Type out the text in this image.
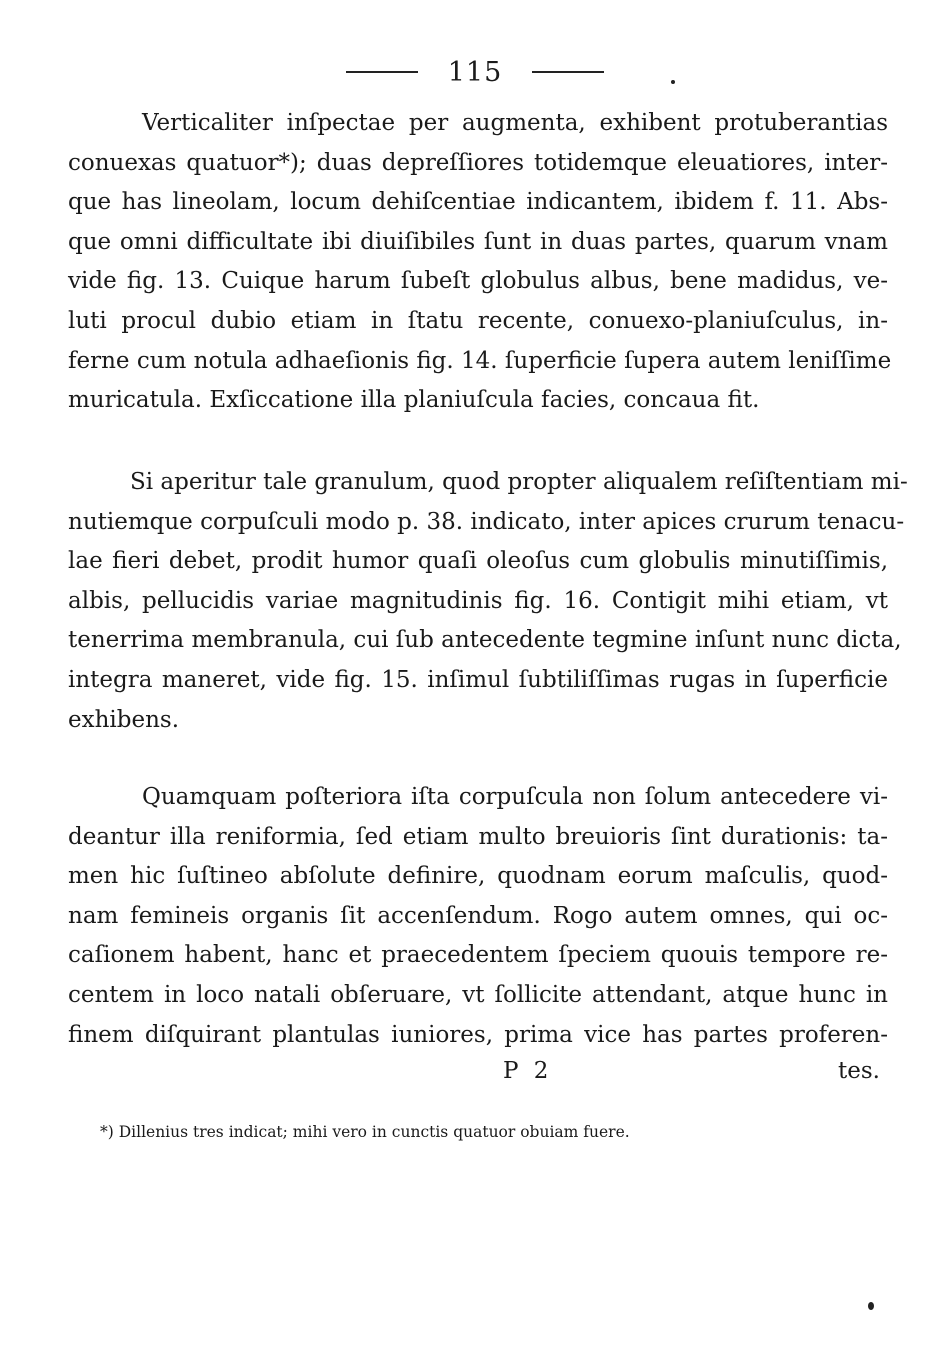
115
Verticaliter inſpectae per augmenta, exhibent protuberantias
conuexas quatuor*); duas depreſſiores totidemque eleuatiores, inter-
que has lineolam, locum dehiſcentiae indicantem, ibidem f. 11. Abs-
que omni difficultate ibi diuiſibiles ſunt in duas partes, quarum vnam
vide fig. 13. Cuique harum ſubeſt globulus albus, bene madidus, ve-
luti procul dubio etiam in ſtatu recente, conuexo-planiuſculus, in-
ferne cum notula adhaeſionis fig. 14. ſuperficie ſupera autem leniſſime
muricatula. Exſiccatione illa planiuſcula facies, concaua fit.
Si aperitur tale granulum, quod propter aliqualem reſiſtentiam mi-
nutiemque corpuſculi modo p. 38. indicato, inter apices crurum tenacu-
lae fieri debet, prodit humor quaſi oleoſus cum globulis minutiſſimis,
albis, pellucidis variae magnitudinis fig. 16. Contigit mihi etiam, vt
tenerrima membranula, cui ſub antecedente tegmine inſunt nunc dicta,
integra maneret, vide fig. 15. inſimul ſubtiliſſimas rugas in ſuperficie
exhibens.
Quamquam poſteriora iſta corpuſcula non ſolum antecedere vi-
deantur illa reniformia, ſed etiam multo breuioris ſint durationis: ta-
men hic ſuſtineo abſolute definire, quodnam eorum maſculis, quod-
nam femineis organis ſit accenſendum. Rogo autem omnes, qui oc-
caſionem habent, hanc et praecedentem ſpeciem quouis tempore re-
centem in loco natali obſeruare, vt ſollicite attendant, atque hunc in
finem diſquirant plantulas iuniores, prima vice has partes proferen-
P 2	tes.
*) Dillenius tres indicat; mihi vero in cunctis quatuor obuiam fuere.
